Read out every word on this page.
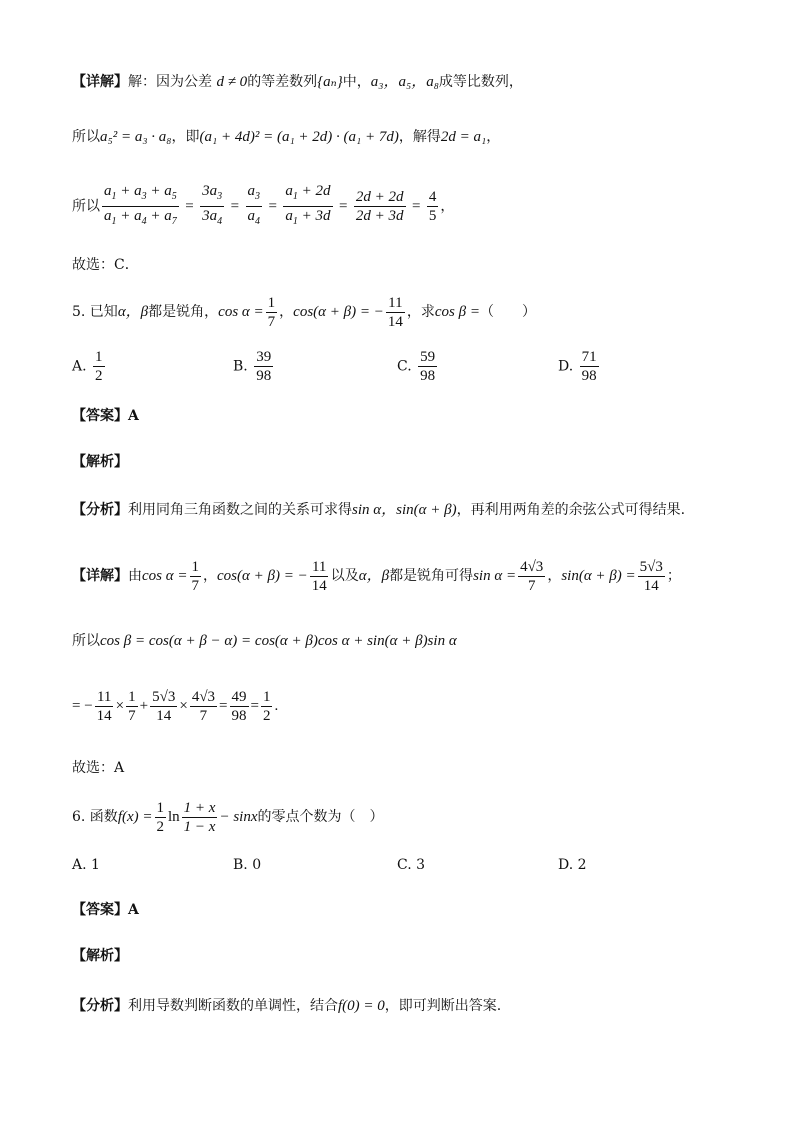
【详解】解：因为公差 d ≠ 0的等差数列{aₙ}中，a₃，a₅，a₈成等比数列，
所以a₅² = a₃ · a₈，即(a₁ + 4d)² = (a₁ + 2d) · (a₁ + 7d)，解得2d = a₁，
所以 $\frac{a_1 + a_3 + a_5}{a_1 + a_4 + a_7} = \frac{3a_3}{3a_4} = \frac{a_3}{a_4} = \frac{a_1 + 2d}{a_1 + 3d} = \frac{2d + 2d}{2d + 3d} = \frac{4}{5}$ ，
故选：C．
5. 已知α，β都是锐角，$\cos \alpha = \frac{1}{7}$ ，cos(α + β) = − $\frac{11}{14}$ ，求cos β =（　　）
A. $\frac{1}{2}$	B. $\frac{39}{98}$	C. $\frac{59}{98}$	D. $\frac{71}{98}$
【答案】A
【解析】
【分析】利用同角三角函数之间的关系可求得sin α，sin(α + β)，再利用两角差的余弦公式可得结果.
【详解】由$\cos \alpha = \frac{1}{7}$ ，cos(α + β) = − $\frac{11}{14}$ 以及α，β都是锐角可得$\sin \alpha = \frac{4√3}{7}$ ，$\sin(\alpha + \beta) = \frac{5√3}{14}$ ；
所以cos β = cos(α + β − α) = cos(α + β)cos α + sin(α + β)sin α
= − $\frac{11}{14} \times \frac{1}{7} + \frac{5√3}{14} \times \frac{4√3}{7} = \frac{49}{98} = \frac{1}{2}$ .
故选：A
6. 函数$f(x) = \frac{1}{2}$ $\ln \frac{1 + x}{1 - x} - \sin x$的零点个数为（　）
A. 1	B. 0	C. 3	D. 2
【答案】A
【解析】
【分析】利用导数判断函数的单调性，结合f(0) = 0，即可判断出答案.
